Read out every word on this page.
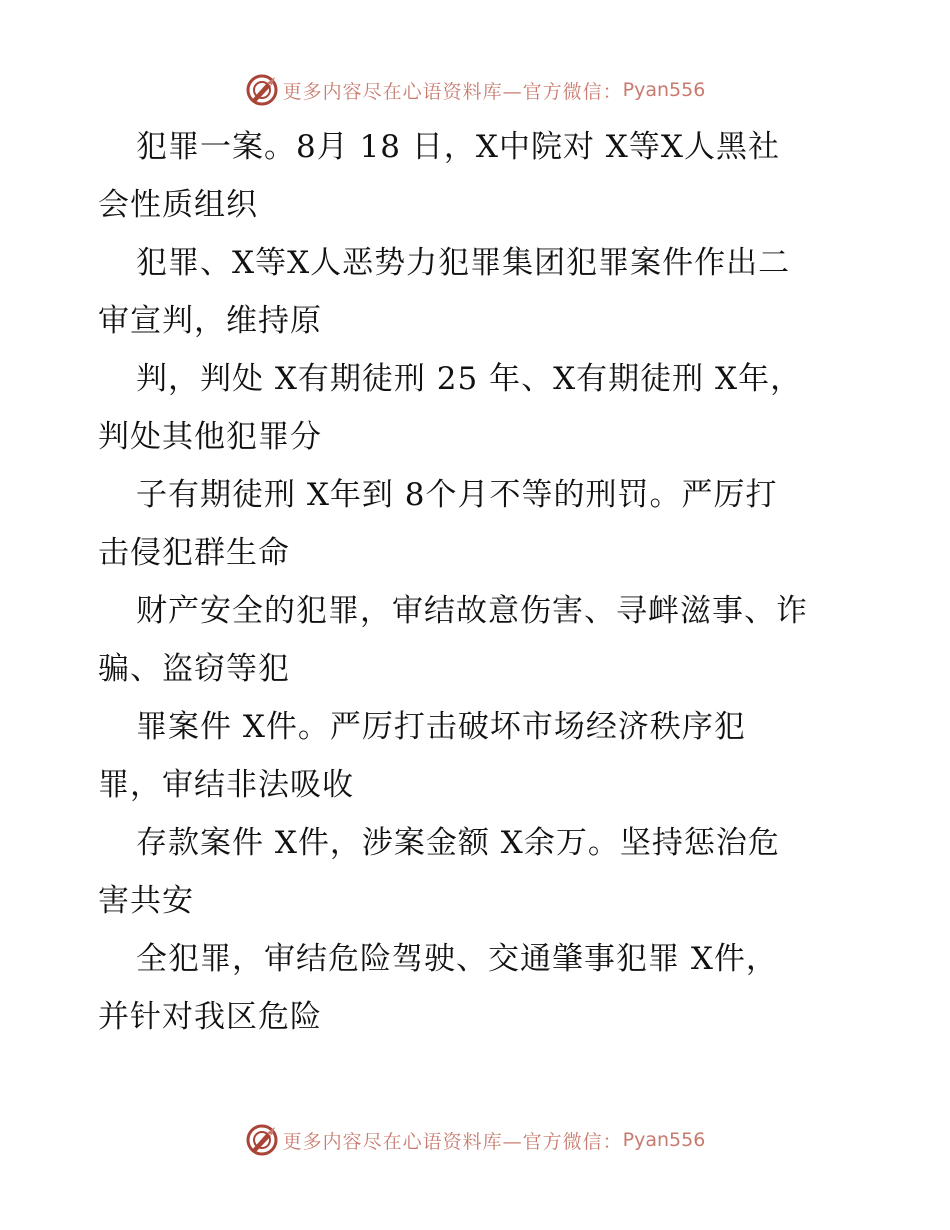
更多内容尽在心语资料库—官方微信： Pyan556
犯罪一案。8月 18 日，X中院对 X等X人黑社
会性质组织
犯罪、X等X人恶势力犯罪集团犯罪案件作出二
审宣判，维持原
判，判处 X有期徒刑 25 年、X有期徒刑 X年，
判处其他犯罪分
子有期徒刑 X年到 8个月不等的刑罚。严厉打
击侵犯群生命
财产安全的犯罪，审结故意伤害、寻衅滋事、诈
骗、盗窃等犯
罪案件 X件。严厉打击破坏市场经济秩序犯
罪，审结非法吸收
存款案件 X件，涉案金额 X余万。坚持惩治危
害共安
全犯罪，审结危险驾驶、交通肇事犯罪 X件，
并针对我区危险
更多内容尽在心语资料库—官方微信： Pyan556
